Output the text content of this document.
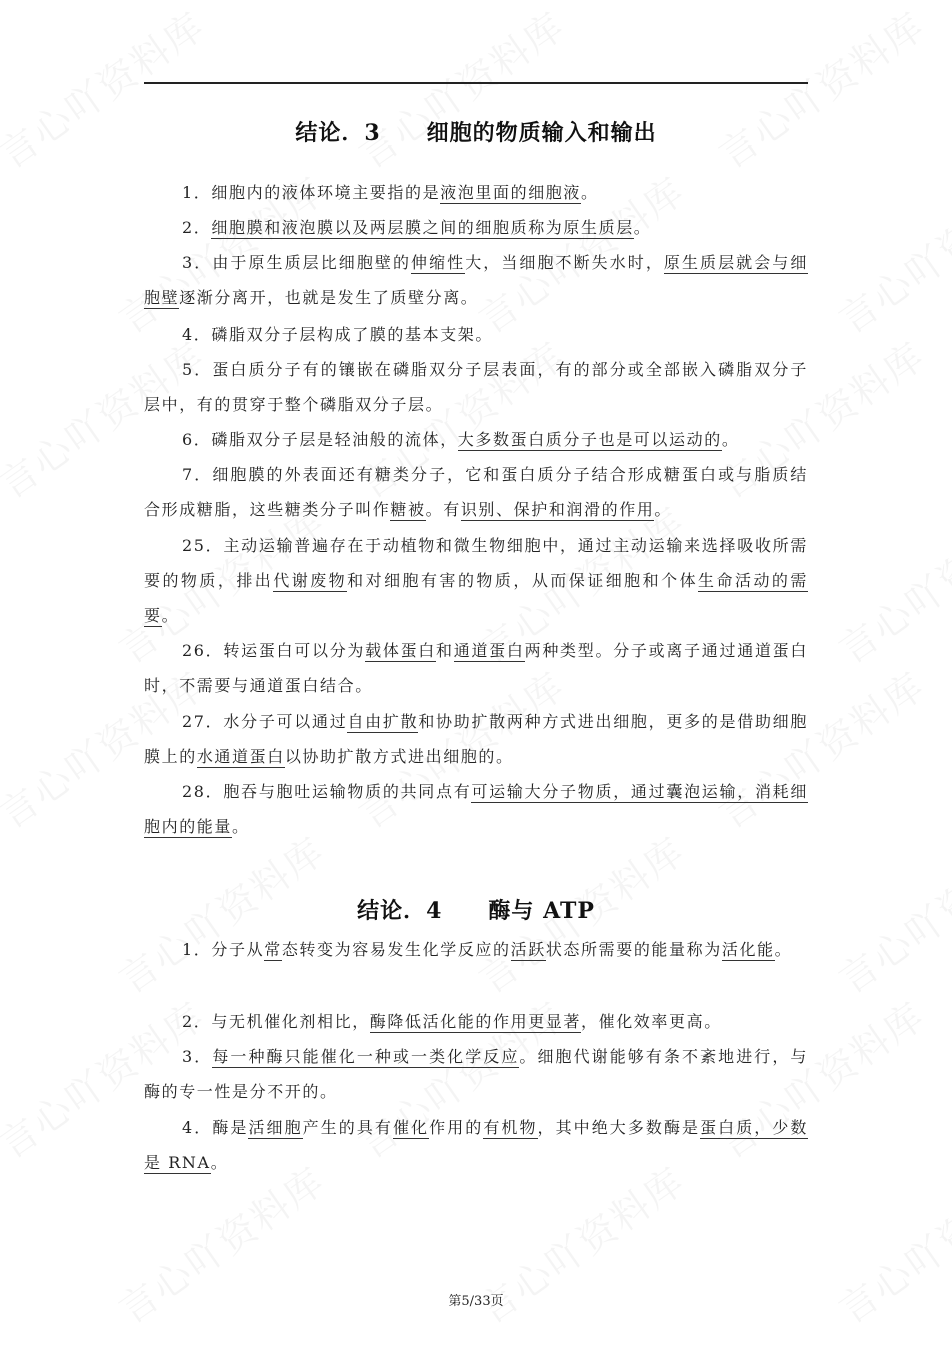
结论．3　　细胞的物质输入和输出
1．细胞内的液体环境主要指的是液泡里面的细胞液。
2．细胞膜和液泡膜以及两层膜之间的细胞质称为原生质层。
3．由于原生质层比细胞壁的伸缩性大，当细胞不断失水时，原生质层就会与细胞壁逐渐分离开，也就是发生了质壁分离。
4．磷脂双分子层构成了膜的基本支架。
5．蛋白质分子有的镶嵌在磷脂双分子层表面，有的部分或全部嵌入磷脂双分子层中，有的贯穿于整个磷脂双分子层。
6．磷脂双分子层是轻油般的流体，大多数蛋白质分子也是可以运动的。
7．细胞膜的外表面还有糖类分子，它和蛋白质分子结合形成糖蛋白或与脂质结合形成糖脂，这些糖类分子叫作糖被。有识别、保护和润滑的作用。
25．主动运输普遍存在于动植物和微生物细胞中，通过主动运输来选择吸收所需要的物质，排出代谢废物和对细胞有害的物质，从而保证细胞和个体生命活动的需要。
26．转运蛋白可以分为载体蛋白和通道蛋白两种类型。分子或离子通过通道蛋白时，不需要与通道蛋白结合。
27．水分子可以通过自由扩散和协助扩散两种方式进出细胞，更多的是借助细胞膜上的水通道蛋白以协助扩散方式进出细胞的。
28．胞吞与胞吐运输物质的共同点有可运输大分子物质，通过囊泡运输，消耗细胞内的能量。
结论．4　　酶与 ATP
1．分子从常态转变为容易发生化学反应的活跃状态所需要的能量称为活化能。
2．与无机催化剂相比，酶降低活化能的作用更显著，催化效率更高。
3．每一种酶只能催化一种或一类化学反应。细胞代谢能够有条不紊地进行，与酶的专一性是分不开的。
4．酶是活细胞产生的具有催化作用的有机物，其中绝大多数酶是蛋白质，少数是 RNA。
第5/33页
